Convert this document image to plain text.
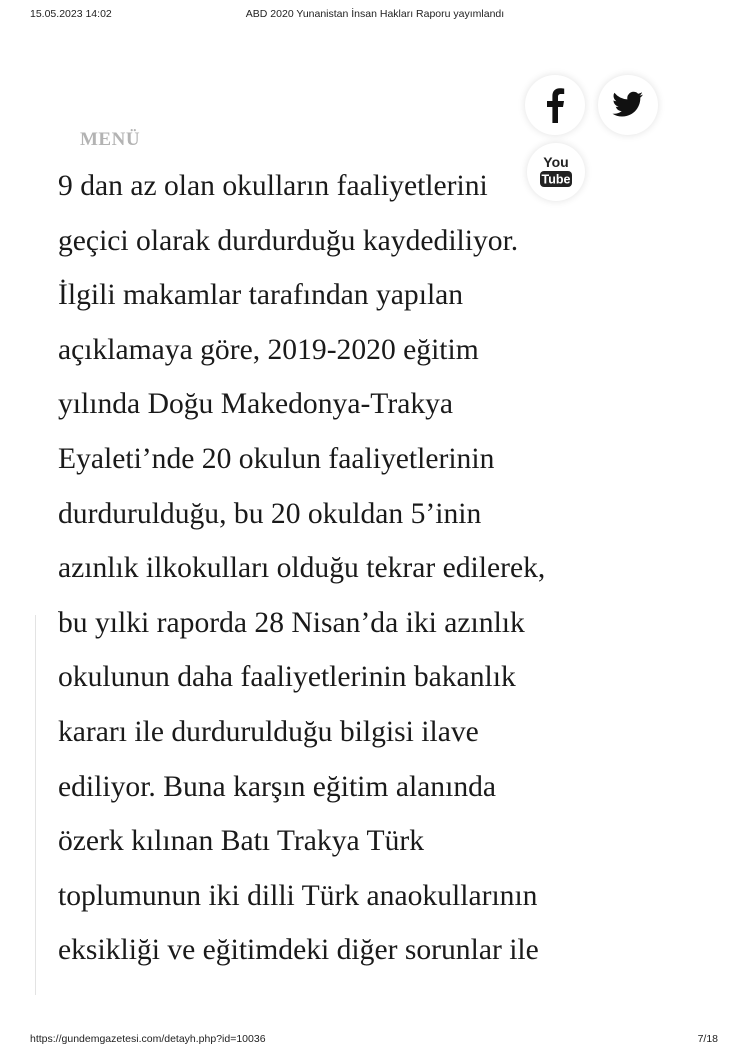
15.05.2023 14:02	ABD 2020 Yunanistan İnsan Hakları Raporu yayımlandı
9 dan az olan okulların faaliyetlerini
geçici olarak durdurduğu kaydediliyor.
İlgili makamlar tarafından yapılan
açıklamaya göre, 2019-2020 eğitim
yılında Doğu Makedonya-Trakya
Eyaleti’nde 20 okulun faaliyetlerinin
durdurulduğu, bu 20 okuldan 5’inin
azınlık ilkokulları olduğu tekrar edilerek,
bu yılki raporda 28 Nisan’da iki azınlık
okulunun daha faaliyetlerinin bakanlık
kararı ile durdurulduğu bilgisi ilave
ediliyor. Buna karşın eğitim alanında
özerk kılınan Batı Trakya Türk
toplumunun iki dilli Türk anaokullarının
eksikliği ve eğitimdeki diğer sorunlar ile
MENÜ
You
Tube
https://gundemgazetesi.com/detayh.php?id=10036	7/18
